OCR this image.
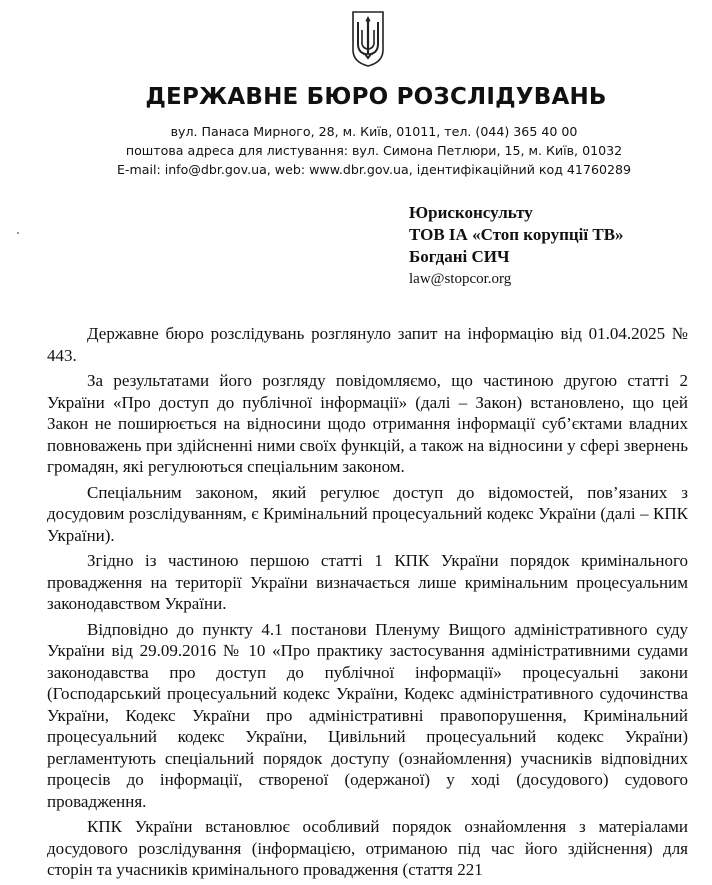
ДЕРЖАВНЕ БЮРО РОЗСЛІДУВАНЬ
вул. Панаса Мирного, 28, м. Київ, 01011, тел. (044) 365 40 00
поштова адреса для листування: вул. Симона Петлюри, 15, м. Київ, 01032
E-mail: info@dbr.gov.ua, web: www.dbr.gov.ua, ідентифікаційний код 41760289
Юрисконсульту
ТОВ ІА «Стоп корупції ТВ»
Богдані СИЧ
law@stopcor.org

Державне бюро розслідувань розглянуло запит на інформацію від 01.04.2025 № 443.

За результатами його розгляду повідомляємо, що частиною другою статті 2 України «Про доступ до публічної інформації» (далі – Закон) встановлено, що цей Закон не поширюється на відносини щодо отримання інформації суб’єктами владних повноважень при здійсненні ними своїх функцій, а також на відносини у сфері звернень громадян, які регулюються спеціальним законом.

Спеціальним законом, який регулює доступ до відомостей, пов’язаних з досудовим розслідуванням, є Кримінальний процесуальний кодекс України (далі – КПК України).

Згідно із частиною першою статті 1 КПК України порядок кримінального провадження на території України визначається лише кримінальним процесуальним законодавством України.

Відповідно до пункту 4.1 постанови Пленуму Вищого адміністративного суду України від 29.09.2016 № 10 «Про практику застосування адміністративними судами законодавства про доступ до публічної інформації» процесуальні закони (Господарський процесуальний кодекс України, Кодекс адміністративного судочинства України, Кодекс України про адміністративні правопорушення, Кримінальний процесуальний кодекс України, Цивільний процесуальний кодекс України) регламентують спеціальний порядок доступу (ознайомлення) учасників відповідних процесів до інформації, створеної (одержаної) у ході (досудового) судового провадження.

КПК України встановлює особливий порядок ознайомлення з матеріалами досудового розслідування (інформацією, отриманою під час його здійснення) для сторін та учасників кримінального провадження (стаття 221
